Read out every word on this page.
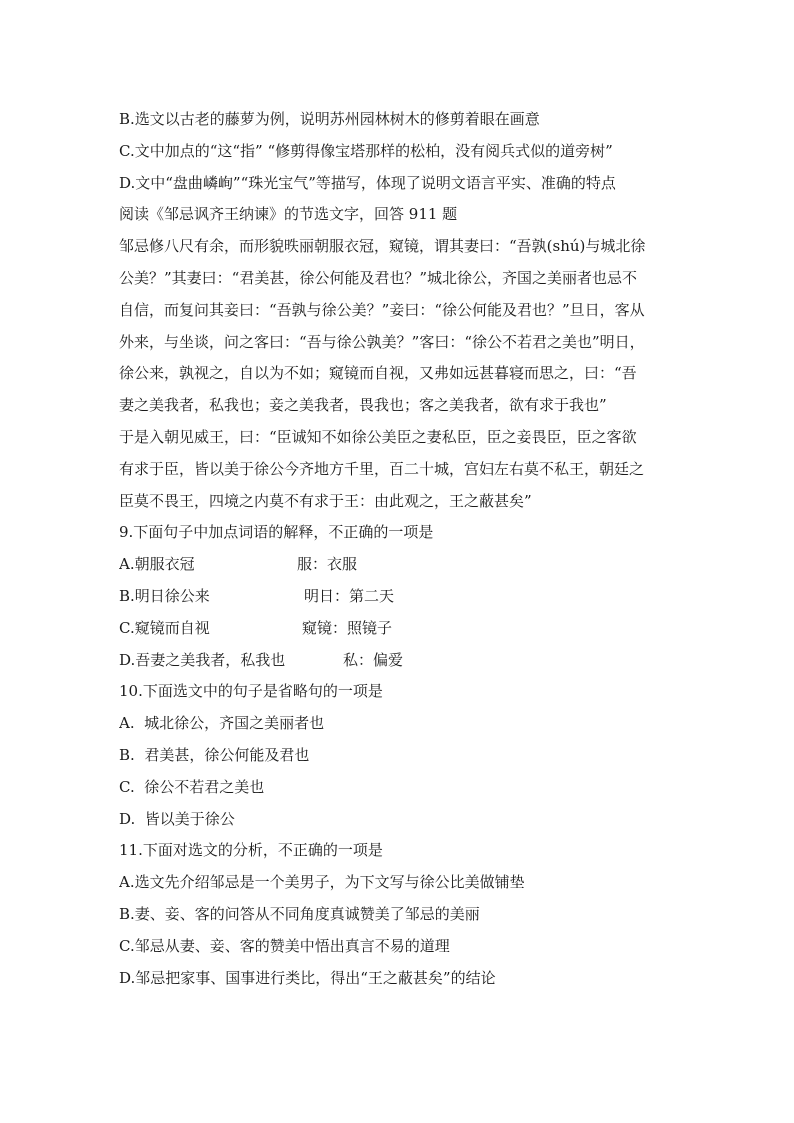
B.选文以古老的藤萝为例，说明苏州园林树木的修剪着眼在画意
C.文中加点的“这“指” “修剪得像宝塔那样的松柏，没有阅兵式似的道旁树”
D.文中“盘曲嶙峋”“珠光宝气”等描写，体现了说明文语言平实、准确的特点
阅读《邹忌讽齐王纳谏》的节选文字，回答 911 题
邹忌修八尺有余，而形貌昳丽朝服衣冠，窥镜，谓其妻曰：“吾孰(shú)与城北徐
公美？”其妻曰：“君美甚，徐公何能及君也？”城北徐公，齐国之美丽者也忌不
自信，而复问其妾曰：“吾孰与徐公美？”妾曰：“徐公何能及君也？”旦日，客从
外来，与坐谈，问之客曰：“吾与徐公孰美？”客曰：“徐公不若君之美也”明日，
徐公来，孰视之，自以为不如；窥镜而自视，又弗如远甚暮寝而思之，曰：“吾
妻之美我者，私我也；妾之美我者，畏我也；客之美我者，欲有求于我也”
于是入朝见威王，曰：“臣诚知不如徐公美臣之妻私臣，臣之妾畏臣，臣之客欲
有求于臣，皆以美于徐公今齐地方千里，百二十城，宫妇左右莫不私王，朝廷之
臣莫不畏王，四境之内莫不有求于王：由此观之，王之蔽甚矣”
9.下面句子中加点词语的解释，不正确的一项是
A.朝服衣冠	服：衣服
B.明日徐公来	明日：第二天
C.窥镜而自视	窥镜：照镜子
D.吾妻之美我者，私我也	私：偏爱
10.下面选文中的句子是省略句的一项是
A.  城北徐公，齐国之美丽者也
B.  君美甚，徐公何能及君也
C.  徐公不若君之美也
D.  皆以美于徐公
11.下面对选文的分析，不正确的一项是
A.选文先介绍邹忌是一个美男子，为下文写与徐公比美做铺垫
B.妻、妾、客的问答从不同角度真诚赞美了邹忌的美丽
C.邹忌从妻、妾、客的赞美中悟出真言不易的道理
D.邹忌把家事、国事进行类比，得出“王之蔽甚矣”的结论
